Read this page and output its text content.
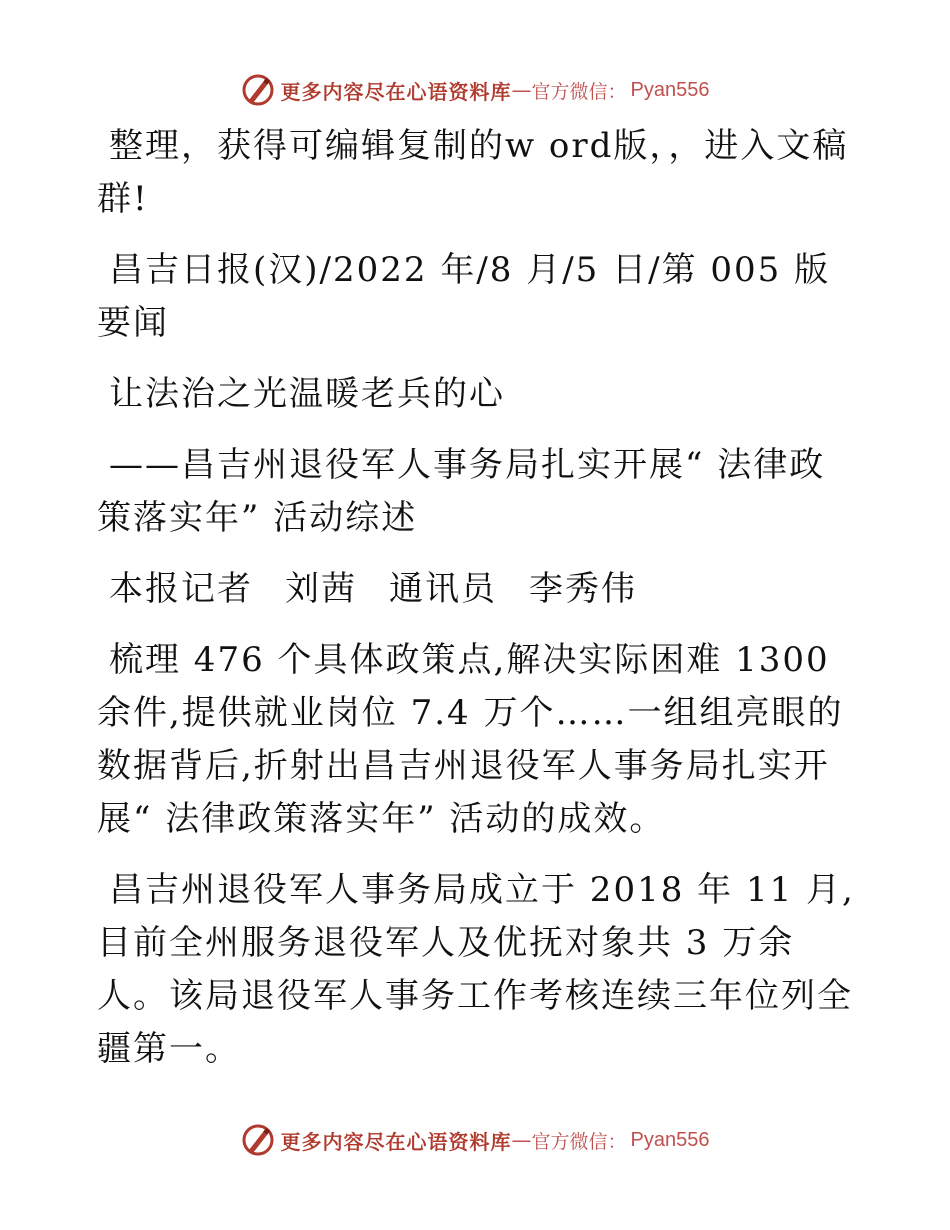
更多内容尽在心语资料库 — 官方微信： Pyan556

整理，获得可编辑复制的w ord版，，进入文稿群!

昌吉日报(汉)/2022 年/8 月/5 日/第 005 版要闻

让法治之光温暖老兵的心

——昌吉州退役军人事务局扎实开展“ 法律政策落实年” 活动综述

本报记者 刘茜 通讯员 李秀伟

梳理 476 个具体政策点,解决实际困难 1300 余件,提供就业岗位 7.4 万个……一组组亮眼的数据背后,折射出昌吉州退役军人事务局扎实开展“ 法律政策落实年” 活动的成效。

昌吉州退役军人事务局成立于 2018 年 11 月,目前全州服务退役军人及优抚对象共 3 万余人。该局退役军人事务工作考核连续三年位列全疆第一。

更多内容尽在心语资料库 — 官方微信： Pyan556
